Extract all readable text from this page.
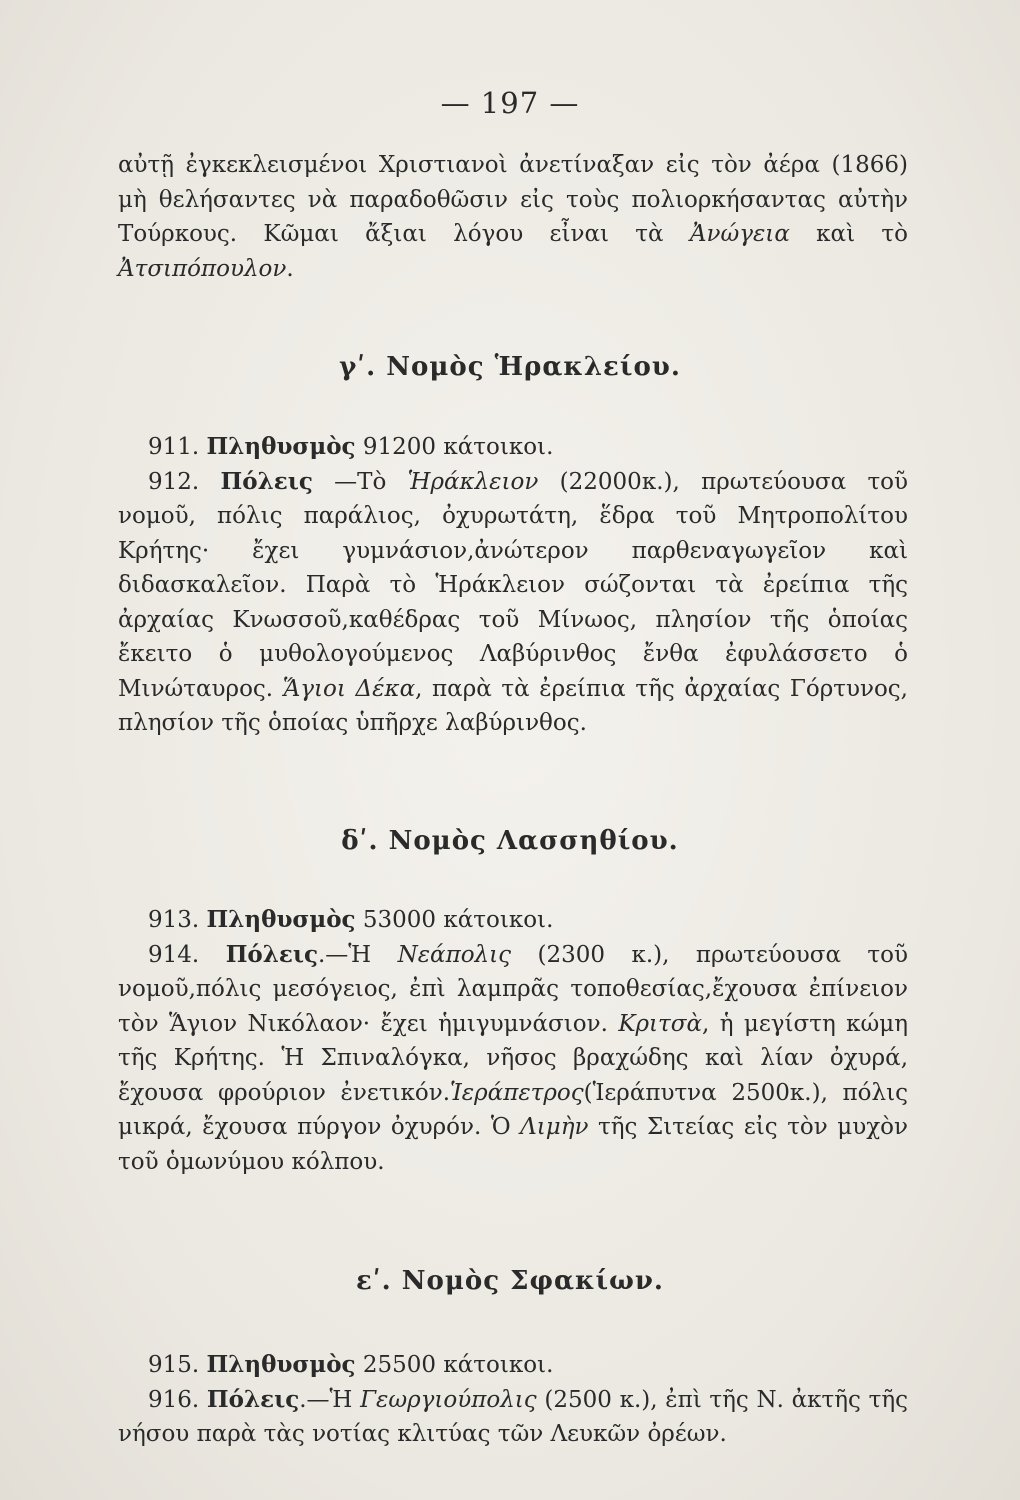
— 197 —

αὐτῇ ἐγκεκλεισμένοι Χριστιανοὶ ἀνετίναξαν εἰς τὸν ἀέρα (1866) μὴ θελήσαντες νὰ παραδοθῶσιν εἰς τοὺς πολιορκήσαντας αὐτὴν Τούρκους. Κῶμαι ἄξιαι λόγου εἶναι τὰ Ἀνώγεια καὶ τὸ Ἀτσιπόπουλον.

γʹ. Νομὸς Ἡρακλείου.

911. Πληθυσμὸς 91200 κάτοικοι.

912. Πόλεις —Τὸ Ἡράκλειον (22000κ.), πρωτεύουσα τοῦ νομοῦ, πόλις παράλιος, ὀχυρωτάτη, ἕδρα τοῦ Μητροπολίτου Κρήτης· ἔχει γυμνάσιον,ἀνώτερον παρθεναγωγεῖον καὶ διδασκαλεῖον. Παρὰ τὸ Ἡράκλειον σώζονται τὰ ἐρείπια τῆς ἀρχαίας Κνωσσοῦ,καθέδρας τοῦ Μίνωος, πλησίον τῆς ὁποίας ἔκειτο ὁ μυθολογούμενος Λαβύρινθος ἔνθα ἐφυλάσσετο ὁ Μινώταυρος. Ἅγιοι Δέκα, παρὰ τὰ ἐρείπια τῆς ἀρχαίας Γόρτυνος, πλησίον τῆς ὁποίας ὑπῆρχε λαβύρινθος.

δʹ. Νομὸς Λασσηθίου.

913. Πληθυσμὸς 53000 κάτοικοι.

914. Πόλεις.—Ἡ Νεάπολις (2300 κ.), πρωτεύουσα τοῦ νομοῦ,πόλις μεσόγειος, ἐπὶ λαμπρᾶς τοποθεσίας,ἔχουσα ἐπίνειον τὸν Ἅγιον Νικόλαον· ἔχει ἡμιγυμνάσιον. Κριτσὰ, ἡ μεγίστη κώμη τῆς Κρήτης. Ἡ Σπιναλόγκα, νῆσος βραχώδης καὶ λίαν ὀχυρά, ἔχουσα φρούριον ἐνετικόν.Ἱεράπετρος(Ἱεράπυτνα 2500κ.), πόλις μικρά, ἔχουσα πύργον ὀχυρόν. Ὁ Λιμὴν τῆς Σιτείας εἰς τὸν μυχὸν τοῦ ὁμωνύμου κόλπου.

εʹ. Νομὸς Σφακίων.

915. Πληθυσμὸς 25500 κάτοικοι.

916. Πόλεις.—Ἡ Γεωργιούπολις (2500 κ.), ἐπὶ τῆς Ν. ἀκτῆς τῆς νήσου παρὰ τὰς νοτίας κλιτύας τῶν Λευκῶν ὀρέων.
